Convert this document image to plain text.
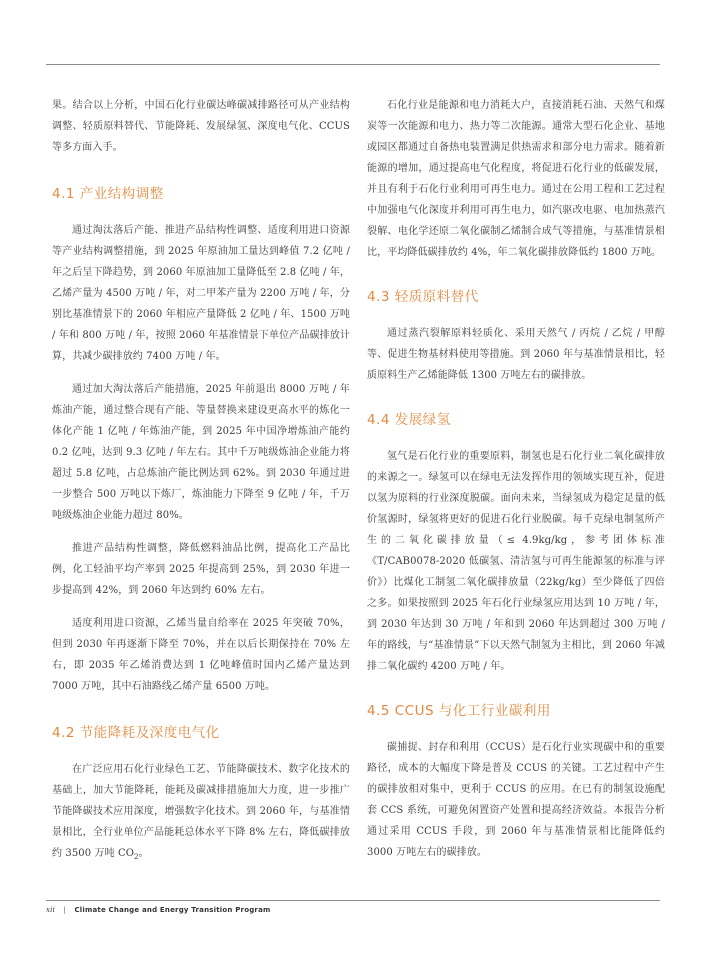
果。结合以上分析，中国石化行业碳达峰碳减排路径可从产业结构调整、轻质原料替代、节能降耗、发展绿氢、深度电气化、CCUS 等多方面入手。

4.1 产业结构调整

通过淘汰落后产能、推进产品结构性调整、适度利用进口资源等产业结构调整措施，到 2025 年原油加工量达到峰值 7.2 亿吨 / 年之后呈下降趋势，到 2060 年原油加工量降低至 2.8 亿吨 / 年，乙烯产量为 4500 万吨 / 年，对二甲苯产量为 2200 万吨 / 年，分别比基准情景下的 2060 年相应产量降低 2 亿吨 / 年、1500 万吨 / 年和 800 万吨 / 年，按照 2060 年基准情景下单位产品碳排放计算，共减少碳排放约 7400 万吨 / 年。

通过加大淘汰落后产能措施，2025 年前退出 8000 万吨 / 年炼油产能，通过整合现有产能、等量替换来建设更高水平的炼化一体化产能 1 亿吨 / 年炼油产能，到 2025 年中国净增炼油产能约 0.2 亿吨，达到 9.3 亿吨 / 年左右。其中千万吨级炼油企业能力将超过 5.8 亿吨，占总炼油产能比例达到 62%。到 2030 年通过进一步整合 500 万吨以下炼厂，炼油能力下降至 9 亿吨 / 年，千万吨级炼油企业能力超过 80%。

推进产品结构性调整，降低燃料油品比例，提高化工产品比例，化工轻油平均产率到 2025 年提高到 25%，到 2030 年进一步提高到 42%，到 2060 年达到约 60% 左右。

适度利用进口资源，乙烯当量自给率在 2025 年突破 70%，但到 2030 年再逐渐下降至 70%，并在以后长期保持在 70% 左右，即 2035 年乙烯消费达到 1 亿吨峰值时国内乙烯产量达到 7000 万吨，其中石油路线乙烯产量 6500 万吨。

4.2 节能降耗及深度电气化

在广泛应用石化行业绿色工艺、节能降碳技术、数字化技术的基础上，加大节能降耗，能耗及碳减排措施加大力度，进一步推广节能降碳技术应用深度，增强数字化技术。到 2060 年，与基准情景相比，全行业单位产品能耗总体水平下降 8% 左右，降低碳排放约 3500 万吨 $CO_2$。

石化行业是能源和电力消耗大户，直接消耗石油、天然气和煤炭等一次能源和电力、热力等二次能源。通常大型石化企业、基地或园区都通过自备热电装置满足供热需求和部分电力需求。随着新能源的增加，通过提高电气化程度，将促进石化行业的低碳发展，并且有利于石化行业利用可再生电力。通过在公用工程和工艺过程中加强电气化深度并利用可再生电力，如汽驱改电驱、电加热蒸汽裂解、电化学还原二氧化碳制乙烯制合成气等措施，与基准情景相比，平均降低碳排放约 4%，年二氧化碳排放降低约 1800 万吨。

4.3 轻质原料替代

通过蒸汽裂解原料轻质化、采用天然气 / 丙烷 / 乙烷 / 甲醇等、促进生物基材料使用等措施。到 2060 年与基准情景相比，轻质原料生产乙烯能降低 1300 万吨左右的碳排放。

4.4 发展绿氢

氢气是石化行业的重要原料，制氢也是石化行业二氧化碳排放的来源之一。绿氢可以在绿电无法发挥作用的领域实现互补，促进以氢为原料的行业深度脱碳。面向未来，当绿氢成为稳定足量的低价氢源时，绿氢将更好的促进石化行业脱碳。每千克绿电制氢所产生的二氧化碳排放量（≤ 4.9kg/kg，参考团体标准《T/CAB0078-2020 低碳氢、清洁氢与可再生能源氢的标准与评价》）比煤化工制氢二氧化碳排放量（22kg/kg）至少降低了四倍之多。如果按照到 2025 年石化行业绿氢应用达到 10 万吨 / 年，到 2030 年达到 30 万吨 / 年和到 2060 年达到超过 300 万吨 / 年的路线，与“基准情景”下以天然气制氢为主相比，到 2060 年减排二氧化碳约 4200 万吨 / 年。

4.5 CCUS 与化工行业碳利用

碳捕捉、封存和利用（CCUS）是石化行业实现碳中和的重要路径，成本的大幅度下降是普及 CCUS 的关键。工艺过程中产生的碳排放相对集中，更利于 CCUS 的应用。在已有的制氢设施配套 CCS 系统，可避免闲置资产处置和提高经济效益。本报告分析通过采用 CCUS 手段，到 2060 年与基准情景相比能降低约 3000 万吨左右的碳排放。

xii | Climate Change and Energy Transition Program
